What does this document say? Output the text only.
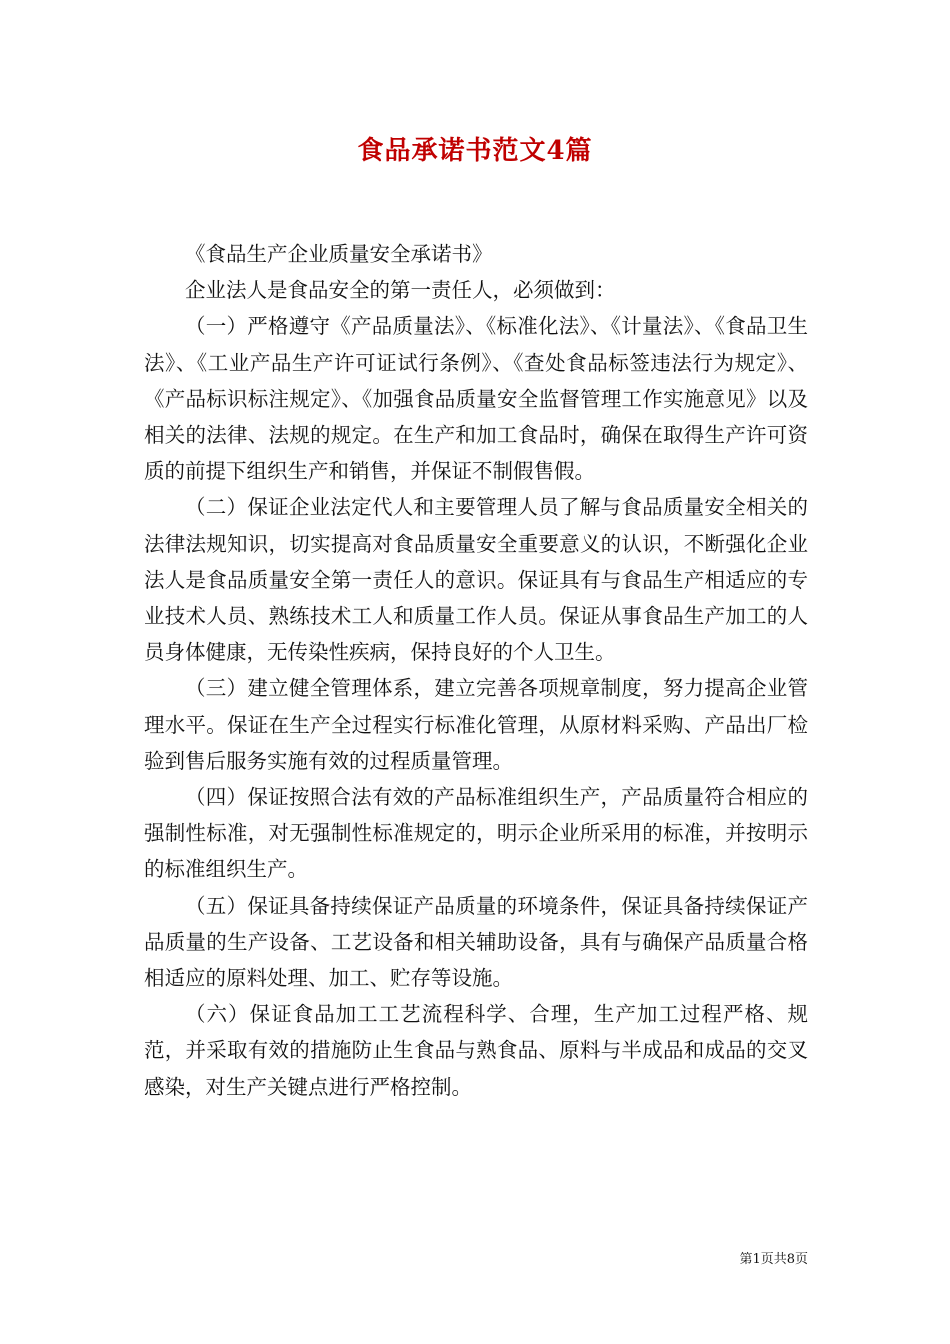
食品承诺书范文4篇

《食品生产企业质量安全承诺书》

企业法人是食品安全的第一责任人，必须做到：

（一）严格遵守《产品质量法》、《标准化法》、《计量法》、《食品卫生法》、《工业产品生产许可证试行条例》、《查处食品标签违法行为规定》、《产品标识标注规定》、《加强食品质量安全监督管理工作实施意见》以及相关的法律、法规的规定。在生产和加工食品时，确保在取得生产许可资质的前提下组织生产和销售，并保证不制假售假。

（二）保证企业法定代人和主要管理人员了解与食品质量安全相关的法律法规知识，切实提高对食品质量安全重要意义的认识，不断强化企业法人是食品质量安全第一责任人的意识。保证具有与食品生产相适应的专业技术人员、熟练技术工人和质量工作人员。保证从事食品生产加工的人员身体健康，无传染性疾病，保持良好的个人卫生。

（三）建立健全管理体系，建立完善各项规章制度，努力提高企业管理水平。保证在生产全过程实行标准化管理，从原材料采购、产品出厂检验到售后服务实施有效的过程质量管理。

（四）保证按照合法有效的产品标准组织生产，产品质量符合相应的强制性标准，对无强制性标准规定的，明示企业所采用的标准，并按明示的标准组织生产。

（五）保证具备持续保证产品质量的环境条件，保证具备持续保证产品质量的生产设备、工艺设备和相关辅助设备，具有与确保产品质量合格相适应的原料处理、加工、贮存等设施。

（六）保证食品加工工艺流程科学、合理，生产加工过程严格、规范，并采取有效的措施防止生食品与熟食品、原料与半成品和成品的交叉感染，对生产关键点进行严格控制。

第1页共8页
